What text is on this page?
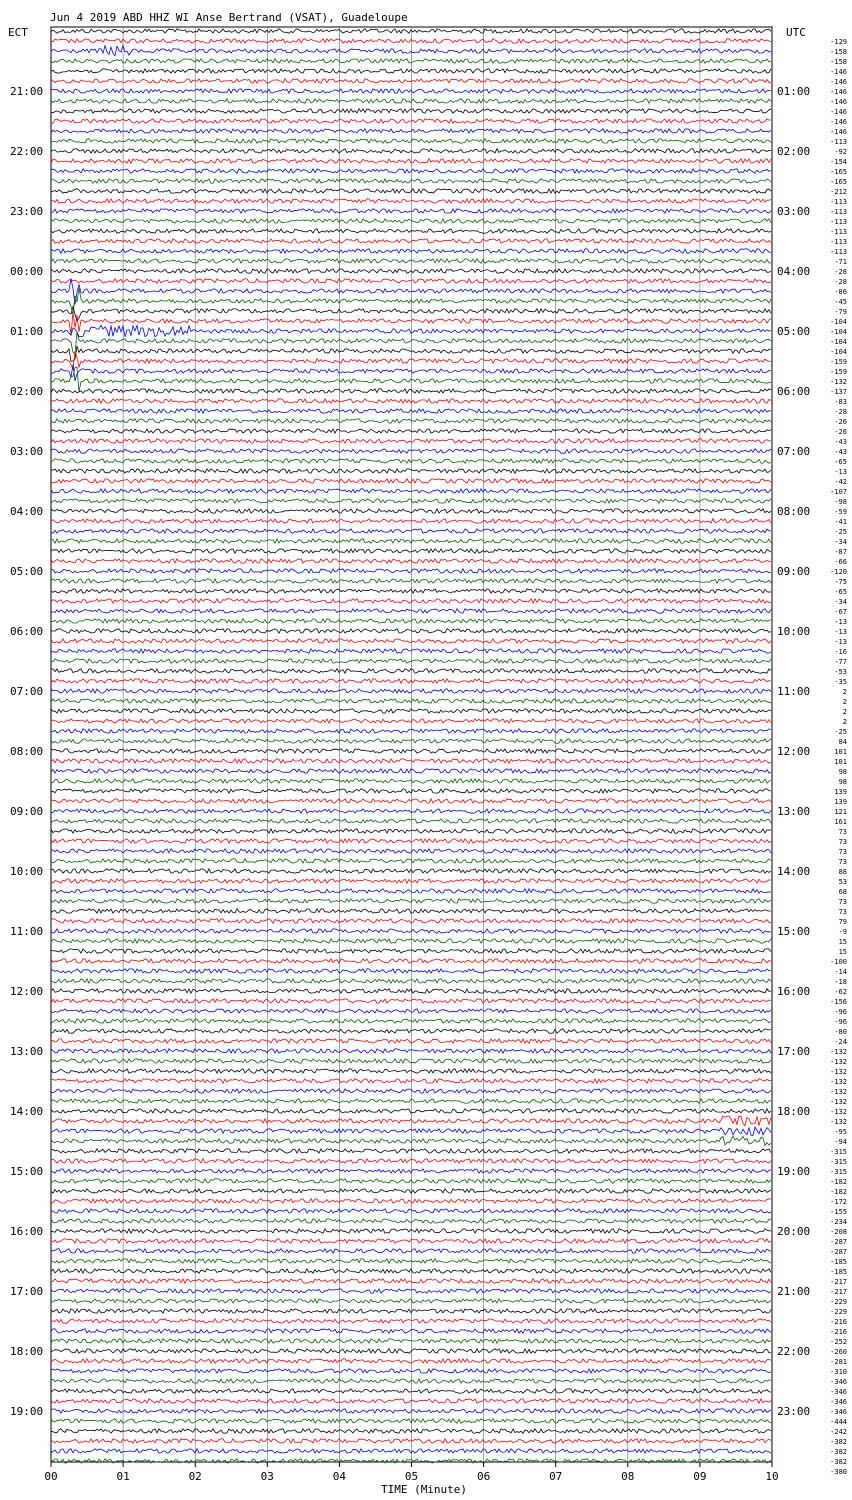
Jun 4 2019 ABD HHZ WI Anse Bertrand (VSAT), Guadeloupe
ECT	UTC
21:00
22:00
23:00
00:00
01:00
02:00
03:00
04:00
05:00
06:00
07:00
08:00
09:00
10:00
11:00
12:00
13:00
14:00
15:00
16:00
17:00
18:00
19:00
01:00
02:00
03:00
04:00
05:00
06:00
07:00
08:00
09:00
10:00
11:00
12:00
13:00
14:00
15:00
16:00
17:00
18:00
19:00
20:00
21:00
22:00
23:00
-129
-158
-158
-146
-146
-146
-146
-146
-146
-146
-113
-92
-154
-165
-165
-212
-113
-113
-113
-113
-113
-113
-71
-28
-28
-86
-45
-79
-104
-104
-104
-104
-159
-159
-132
-137
-83
-28
-26
-26
-43
-43
-65
-13
-42
-107
-98
-59
-41
-25
-34
-87
-66
-120
-75
-65
-34
-67
-13
-13
-13
-16
-77
-53
-35
2
2
2
2
-25
84
101
101
98
98
139
139
121
161
73
73
73
73
88
53
68
73
73
79
-9
15
15
-100
-14
-18
-62
-156
-96
-96
-80
-24
-132
-132
-132
-132
-132
-132
-132
-132
-95
-94
-315
-315
-315
-182
-182
-172
-155
-234
-208
-287
-287
-185
-185
-217
-217
-229
-229
-216
-216
-252
-260
-281
-310
-346
-346
-346
-346
-444
-242
-382
-382
-382
-380
00	01	02	03	04	05	06	07	08	09	10
TIME (Minute)
